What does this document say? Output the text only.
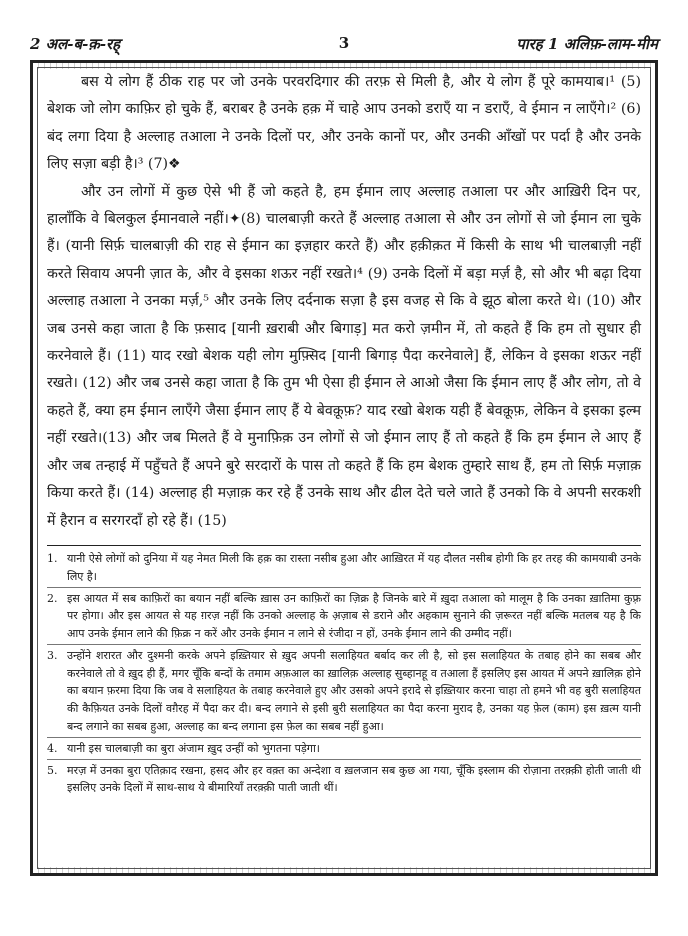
2 अल-ब-क़-रह्	3	पारह 1 अलिफ़-लाम-मीम

बस ये लोग हैं ठीक राह पर जो उनके परवरदिगार की तरफ़ से मिली है, और ये लोग हैं पूरे कामयाब।¹ (5) बेशक जो लोग काफ़िर हो चुके हैं, बराबर है उनके हक़ में चाहे आप उनको डराएँ या न डराएँ, वे ईमान न लाएँगे।² (6) बंद लगा दिया है अल्लाह तआला ने उनके दिलों पर, और उनके कानों पर, और उनकी आँखों पर पर्दा है और उनके लिए सज़ा बड़ी है।³ (7)❖

और उन लोगों में कुछ ऐसे भी हैं जो कहते है, हम ईमान लाए अल्लाह तआला पर और आख़िरी दिन पर, हालाँकि वे बिलकुल ईमानवाले नहीं।✦(8) चालबाज़ी करते हैं अल्लाह तआला से और उन लोगों से जो ईमान ला चुके हैं। (यानी सिर्फ़ चालबाज़ी की राह से ईमान का इज़हार करते हैं) और हक़ीक़त में किसी के साथ भी चालबाज़ी नहीं करते सिवाय अपनी ज़ात के, और वे इसका शऊर नहीं रखते।⁴ (9) उनके दिलों में बड़ा मर्ज़ है, सो और भी बढ़ा दिया अल्लाह तआला ने उनका मर्ज़,⁵ और उनके लिए दर्दनाक सज़ा है इस वजह से कि वे झूठ बोला करते थे। (10) और जब उनसे कहा जाता है कि फ़साद [यानी ख़राबी और बिगाड़] मत करो ज़मीन में, तो कहते हैं कि हम तो सुधार ही करनेवाले हैं। (11) याद रखो बेशक यही लोग मुफ़्सिद [यानी बिगाड़ पैदा करनेवाले] हैं, लेकिन वे इसका शऊर नहीं रखते। (12) और जब उनसे कहा जाता है कि तुम भी ऐसा ही ईमान ले आओ जैसा कि ईमान लाए हैं और लोग, तो वे कहते हैं, क्या हम ईमान लाएँगे जैसा ईमान लाए हैं ये बेवक़ूफ़? याद रखो बेशक यही हैं बेवक़ूफ़, लेकिन वे इसका इल्म नहीं रखते।(13) और जब मिलते हैं वे मुनाफ़िक़ उन लोगों से जो ईमान लाए हैं तो कहते हैं कि हम ईमान ले आए हैं और जब तन्हाई में पहुँचते हैं अपने बुरे सरदारों के पास तो कहते हैं कि हम बेशक तुम्हारे साथ हैं, हम तो सिर्फ़ मज़ाक़ किया करते हैं। (14) अल्लाह ही मज़ाक़ कर रहे हैं उनके साथ और ढील देते चले जाते हैं उनको कि वे अपनी सरकशी में हैरान व सरगरदाँ हो रहे हैं। (15)

1. यानी ऐसे लोगों को दुनिया में यह नेमत मिली कि हक़ का रास्ता नसीब हुआ और आख़िरत में यह दौलत नसीब होगी कि हर तरह की कामयाबी उनके लिए है।
2. इस आयत में सब काफ़िरों का बयान नहीं बल्कि ख़ास उन काफ़िरों का ज़िक्र है जिनके बारे में ख़ुदा तआला को मालूम है कि उनका ख़ातिमा कुफ़्र पर होगा। और इस आयत से यह ग़रज़ नहीं कि उनको अल्लाह के अ़ज़ाब से डराने और अहकाम सुनाने की ज़रूरत नहीं बल्कि मतलब यह है कि आप उनके ईमान लाने की फ़िक्र न करें और उनके ईमान न लाने से रंजीदा न हों, उनके ईमान लाने की उम्मीद नहीं।
3. उन्होंने शरारत और दुश्मनी करके अपने इख़्तियार से ख़ुद अपनी सलाहियत बर्बाद कर ली है, सो इस सलाहियत के तबाह होने का सबब और करनेवाले तो वे ख़ुद ही हैं, मगर चूँकि बन्दों के तमाम अफ़आल का ख़ालिक़ अल्लाह सुब्हानहू व तआला हैं इसलिए इस आयत में अपने ख़ालिक़ होने का बयान फ़रमा दिया कि जब वे सलाहियत के तबाह करनेवाले हुए और उसको अपने इरादे से इख़्तियार करना चाहा तो हमने भी वह बुरी सलाहियत की कैफ़ियत उनके दिलों वग़ैरह में पैदा कर दी। बन्द लगाने से इसी बुरी सलाहियत का पैदा करना मुराद है, उनका यह फ़ेल (काम) इस ख़त्म यानी बन्द लगाने का सबब हुआ, अल्लाह का बन्द लगाना इस फ़ेल का सबब नहीं हुआ।
4. यानी इस चालबाज़ी का बुरा अंजाम ख़ुद उन्हीं को भुगतना पड़ेगा।
5. मरज़ में उनका बुरा एतिक़ाद रखना, हसद और हर वक़्त का अन्देशा व ख़लजान सब कुछ आ गया, चूँकि इस्लाम की रोज़ाना तरक़्क़ी होती जाती थी इसलिए उनके दिलों में साथ-साथ ये बीमारियाँ तरक़्क़ी पाती जाती थीं।
